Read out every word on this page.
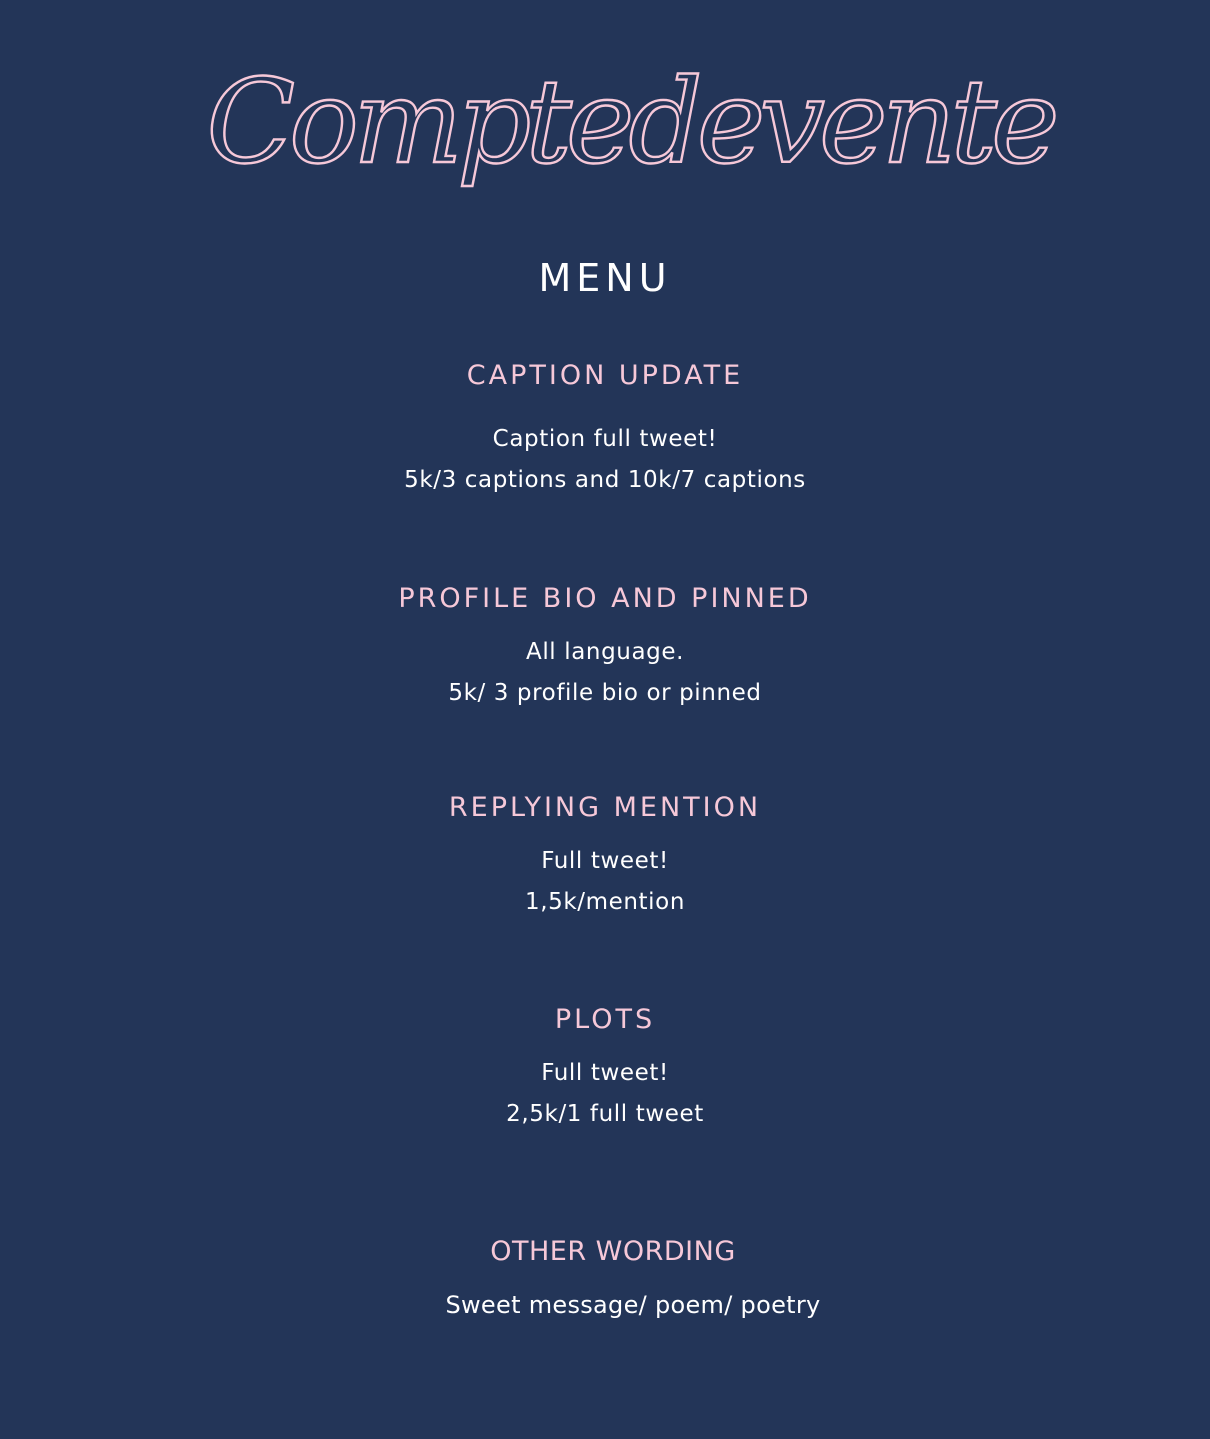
Comptedevente
MENU
CAPTION UPDATE

Caption full tweet!

5k/3 captions and 10k/7 captions

PROFILE BIO AND PINNED

All language.

5k/ 3 profile bio or pinned

REPLYING MENTION

Full tweet!

1,5k/mention

PLOTS

Full tweet!

2,5k/1 full tweet

OTHER WORDING

Sweet message/ poem/ poetry
